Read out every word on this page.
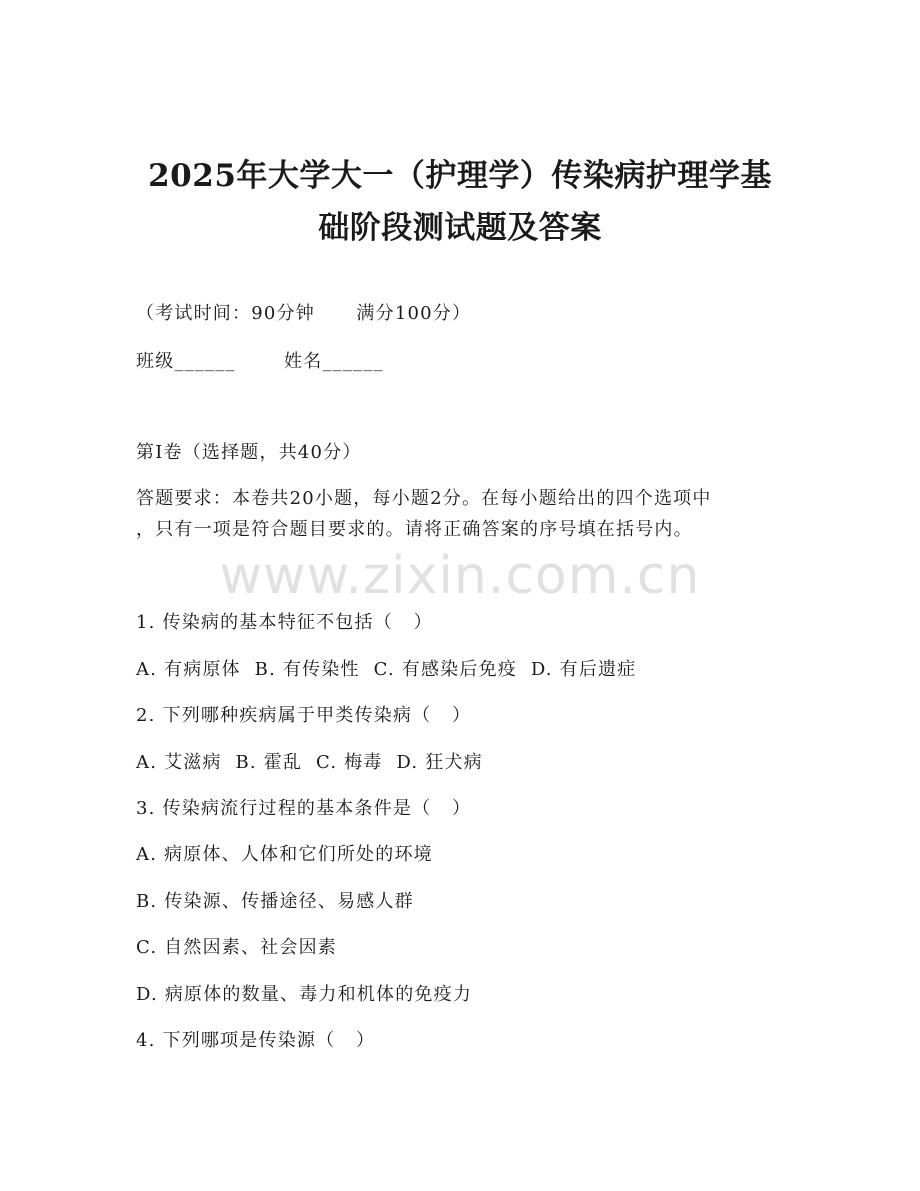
2025年大学大一（护理学）传染病护理学基
础阶段测试题及答案
（考试时间：90分钟      满分100分）
班级______       姓名______
第I卷（选择题，共40分）
答题要求：本卷共20小题，每小题2分。在每小题给出的四个选项中
，只有一项是符合题目要求的。请将正确答案的序号填在括号内。
www.zixin.com.cn
1. 传染病的基本特征不包括（   ）
A. 有病原体  B. 有传染性  C. 有感染后免疫  D. 有后遗症
2. 下列哪种疾病属于甲类传染病（   ）
A. 艾滋病  B. 霍乱  C. 梅毒  D. 狂犬病
3. 传染病流行过程的基本条件是（   ）
A. 病原体、人体和它们所处的环境
B. 传染源、传播途径、易感人群
C. 自然因素、社会因素
D. 病原体的数量、毒力和机体的免疫力
4. 下列哪项是传染源（   ）
